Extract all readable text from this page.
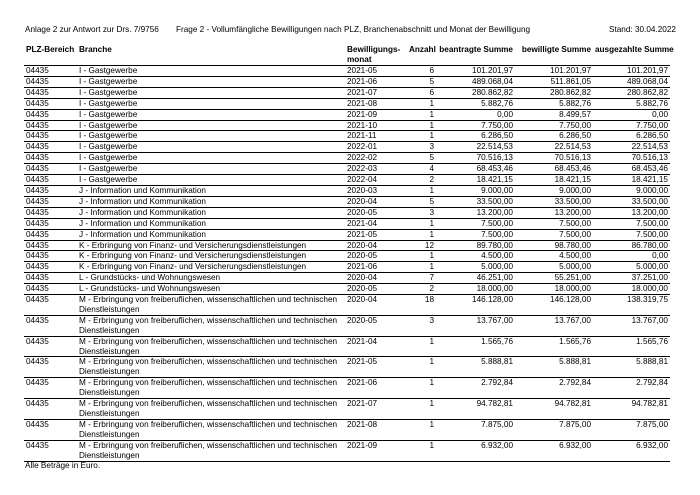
Anlage 2 zur Antwort zur Drs. 7/9756 Frage 2 - Vollumfängliche Bewilligungen nach PLZ, Branchenabschnitt und Monat der Bewilligung	Stand: 30.04.2022
PLZ-Bereich	Branche	Bewilligungs-monat	Anzahl	beantragte Summe	bewilligte Summe	ausgezahlte Summe
04435	I - Gastgewerbe	2021-05	6	101.201,97	101.201,97	101.201,97
04435	I - Gastgewerbe	2021-06	5	489.068,04	511.861,05	489.068,04
04435	I - Gastgewerbe	2021-07	6	280.862,82	280.862,82	280.862,82
04435	I - Gastgewerbe	2021-08	1	5.882,76	5.882,76	5.882,76
04435	I - Gastgewerbe	2021-09	1	0,00	8.499,57	0,00
04435	I - Gastgewerbe	2021-10	1	7.750,00	7.750,00	7.750,00
04435	I - Gastgewerbe	2021-11	1	6.286,50	6.286,50	6.286,50
04435	I - Gastgewerbe	2022-01	3	22.514,53	22.514,53	22.514,53
04435	I - Gastgewerbe	2022-02	5	70.516,13	70.516,13	70.516,13
04435	I - Gastgewerbe	2022-03	4	68.453,46	68.453,46	68.453,46
04435	I - Gastgewerbe	2022-04	2	18.421,15	18.421,15	18.421,15
04435	J - Information und Kommunikation	2020-03	1	9.000,00	9.000,00	9.000,00
04435	J - Information und Kommunikation	2020-04	5	33.500,00	33.500,00	33.500,00
04435	J - Information und Kommunikation	2020-05	3	13.200,00	13.200,00	13.200,00
04435	J - Information und Kommunikation	2021-04	1	7.500,00	7.500,00	7.500,00
04435	J - Information und Kommunikation	2021-05	1	7.500,00	7.500,00	7.500,00
04435	K - Erbringung von Finanz- und Versicherungsdienstleistungen	2020-04	12	89.780,00	98.780,00	86.780,00
04435	K - Erbringung von Finanz- und Versicherungsdienstleistungen	2020-05	1	4.500,00	4.500,00	0,00
04435	K - Erbringung von Finanz- und Versicherungsdienstleistungen	2021-06	1	5.000,00	5.000,00	5.000,00
04435	L - Grundstücks- und Wohnungswesen	2020-04	7	46.251,00	55.251,00	37.251,00
04435	L - Grundstücks- und Wohnungswesen	2020-05	2	18.000,00	18.000,00	18.000,00
04435	M - Erbringung von freiberuflichen, wissenschaftlichen und technischen Dienstleistungen	2020-04	18	146.128,00	146.128,00	138.319,75
04435	M - Erbringung von freiberuflichen, wissenschaftlichen und technischen Dienstleistungen	2020-05	3	13.767,00	13.767,00	13.767,00
04435	M - Erbringung von freiberuflichen, wissenschaftlichen und technischen Dienstleistungen	2021-04	1	1.565,76	1.565,76	1.565,76
04435	M - Erbringung von freiberuflichen, wissenschaftlichen und technischen Dienstleistungen	2021-05	1	5.888,81	5.888,81	5.888,81
04435	M - Erbringung von freiberuflichen, wissenschaftlichen und technischen Dienstleistungen	2021-06	1	2.792,84	2.792,84	2.792,84
04435	M - Erbringung von freiberuflichen, wissenschaftlichen und technischen Dienstleistungen	2021-07	1	94.782,81	94.782,81	94.782,81
04435	M - Erbringung von freiberuflichen, wissenschaftlichen und technischen Dienstleistungen	2021-08	1	7.875,00	7.875,00	7.875,00
04435	M - Erbringung von freiberuflichen, wissenschaftlichen und technischen Dienstleistungen	2021-09	1	6.932,00	6.932,00	6.932,00
Alle Beträge in Euro.
